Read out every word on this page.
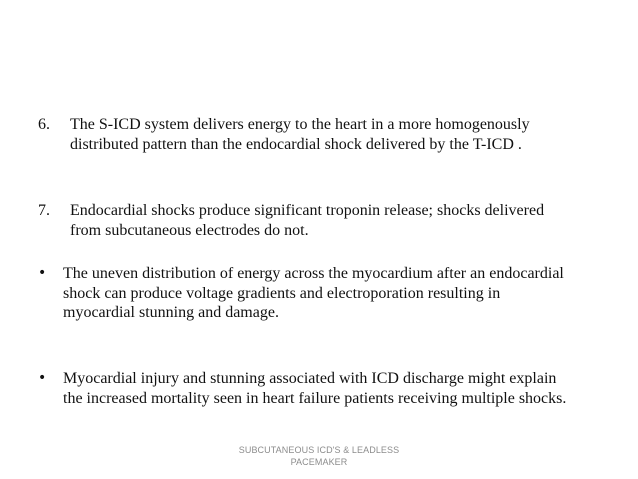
6. The S-ICD system delivers energy to the heart in a more homogenously
distributed pattern than the endocardial shock delivered by the T-ICD .
7. Endocardial shocks produce significant troponin release; shocks delivered
from subcutaneous electrodes do not.
• The uneven distribution of energy across the myocardium after an endocardial
shock can produce voltage gradients and electroporation resulting in
myocardial stunning and damage.
• Myocardial injury and stunning associated with ICD discharge might explain
the increased mortality seen in heart failure patients receiving multiple shocks.
SUBCUTANEOUS ICD'S & LEADLESS
PACEMAKER
